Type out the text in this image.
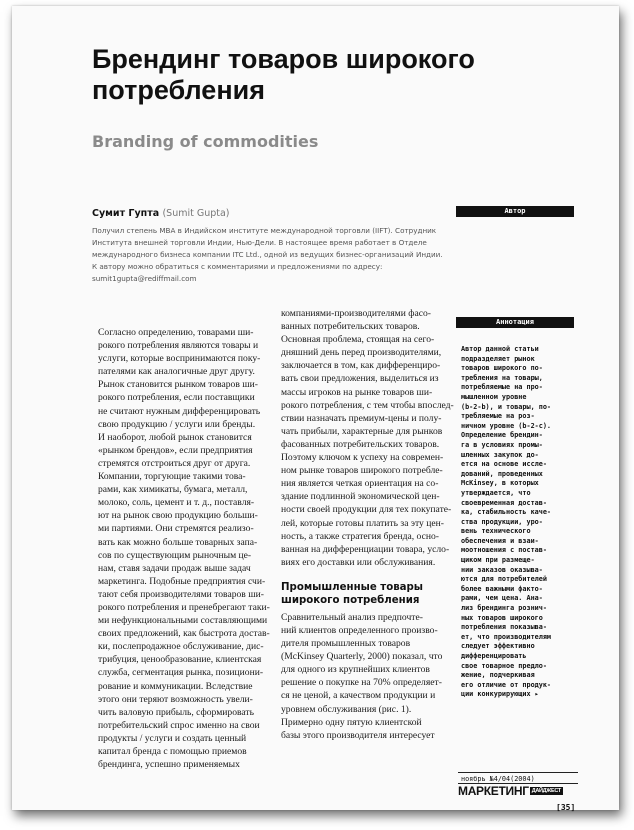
Брендинг товаров широкого
потребления
Branding of commodities
Сумит Гупта (Sumit Gupta)
Получил степень MBA в Индийском институте международной торговли (IIFT). Сотрудник
Института внешней торговли Индии, Нью-Дели. В настоящее время работает в Отделе
международного бизнеса компании ITC Ltd., одной из ведущих бизнес-организаций Индии.
К автору можно обратиться с комментариями и предложениями по адресу:
sumit1gupta@rediffmail.com
Автор
Аннотация
Согласно определению, товарами ши-
рокого потребления являются товары и
услуги, которые воспринимаются поку-
пателями как аналогичные друг другу.
Рынок становится рынком товаров ши-
рокого потребления, если поставщики
не считают нужным дифференцировать
свою продукцию / услуги или бренды.
И наоборот, любой рынок становится
«рынком брендов», если предприятия
стремятся отстроиться друг от друга.
Компании, торгующие такими това-
рами, как химикаты, бумага, металл,
молоко, соль, цемент и т. д., поставля-
ют на рынок свою продукцию больши-
ми партиями. Они стремятся реализо-
вать как можно больше товарных запа-
сов по существующим рыночным це-
нам, ставя задачи продаж выше задач
маркетинга. Подобные предприятия счи-
тают себя производителями товаров ши-
рокого потребления и пренебрегают таки-
ми нефункциональными составляющими
своих предложений, как быстрота достав-
ки, послепродажное обслуживание, дис-
трибуция, ценообразование, клиентская
служба, сегментация рынка, позициони-
рование и коммуникации. Вследствие
этого они теряют возможность увели-
чить валовую прибыль, сформировать
потребительский спрос именно на свои
продукты / услуги и создать ценный
капитал бренда с помощью приемов
брендинга, успешно применяемых
компаниями-производителями фасо-
ванных потребительских товаров.
Основная проблема, стоящая на сего-
дняшний день перед производителями,
заключается в том, как дифференциро-
вать свои предложения, выделиться из
массы игроков на рынке товаров ши-
рокого потребления, с тем чтобы впослед-
ствии назначать премиум-цены и полу-
чать прибыли, характерные для рынков
фасованных потребительских товаров.
Поэтому ключом к успеху на современ-
ном рынке товаров широкого потребле-
ния является четкая ориентация на со-
здание подлинной экономической цен-
ности своей продукции для тех покупате-
лей, которые готовы платить за эту цен-
ность, а также стратегия бренда, осно-
ванная на дифференциации товара, усло-
виях его доставки или обслуживания.
Промышленные товары
широкого потребления
Сравнительный анализ предпочте-
ний клиентов определенного произво-
дителя промышленных товаров
(McKinsey Quarterly, 2000) показал, что
для одного из крупнейших клиентов
решение о покупке на 70% определяет-
ся не ценой, а качеством продукции и
уровнем обслуживания (рис. 1).
Примерно одну пятую клиентской
базы этого производителя интересует
Автор данной статьи
подразделяет рынок
товаров широкого по-
требления на товары,
потребляемые на про-
мышленном уровне
(b-2-b), и товары, по-
требляемые на роз-
ничном уровне (b-2-c).
Определение брендин-
га в условиях промы-
шленных закупок до-
ется на основе иссле-
дований, проведенных
McKinsey, в которых
утверждается, что
своевременная достав-
ка, стабильность каче-
ства продукции, уро-
вень технического
обеспечения и взаи-
моотношения с постав-
щиком при размеще-
нии заказов оказыва-
ются для потребителей
более важными факто-
рами, чем цена. Ана-
лиз брендинга рознич-
ных товаров широкого
потребления показыва-
ет, что производителям
следует эффективно
дифференцировать
свое товарное предло-
жение, подчеркивая
его отличие от продук-
ции конкурирующих ▸
ноябрь №4/04(2004)
МАРКЕТИНГ ДАЙДЖЕСТ
[35]
